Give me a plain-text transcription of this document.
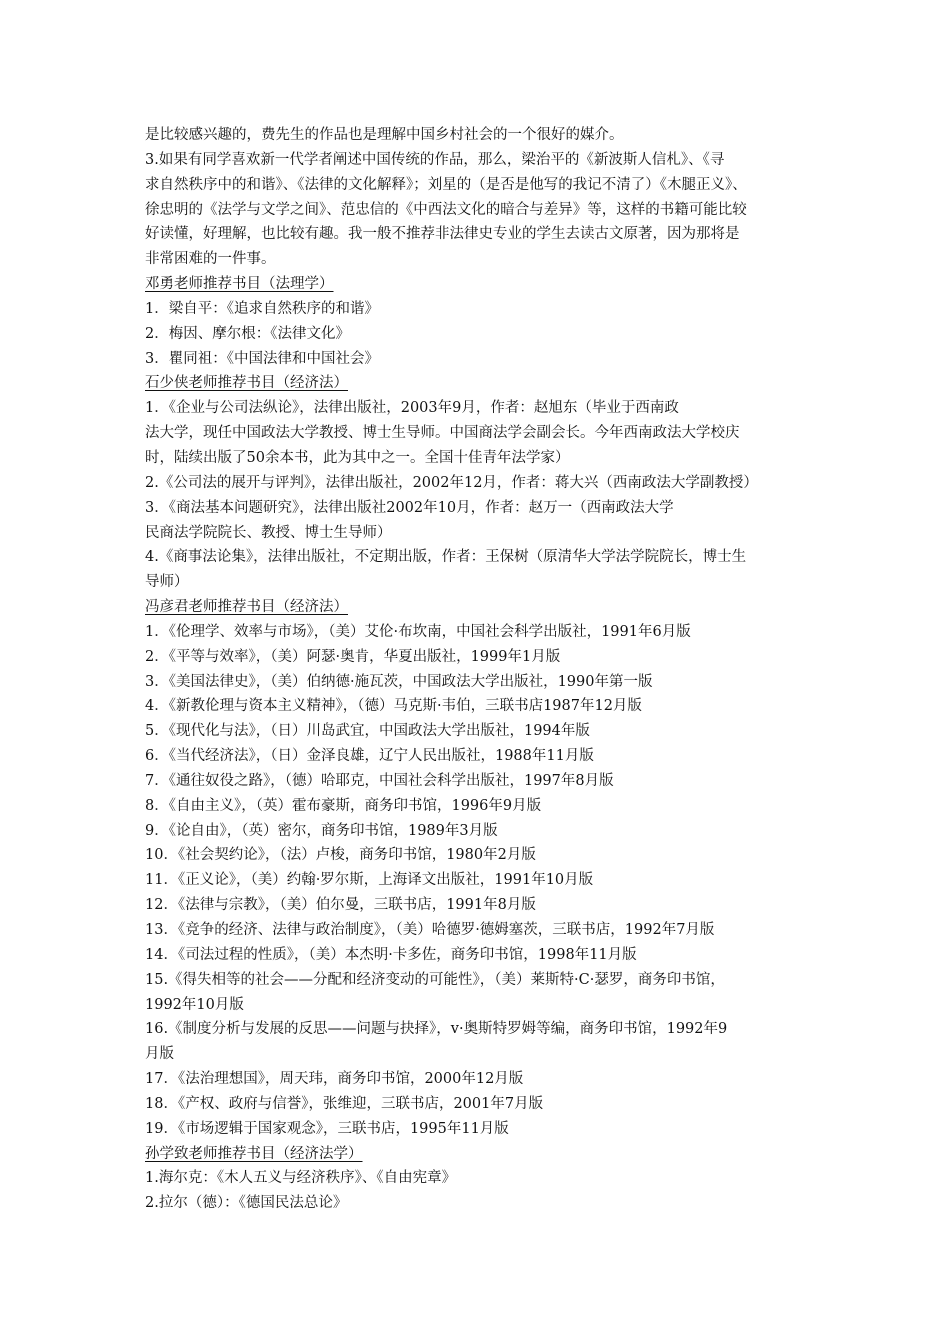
是比较感兴趣的，费先生的作品也是理解中国乡村社会的一个很好的媒介。
3.如果有同学喜欢新一代学者阐述中国传统的作品，那么，梁治平的《新波斯人信札》、《寻
求自然秩序中的和谐》、《法律的文化解释》；刘星的（是否是他写的我记不清了）《木腿正义》、
徐忠明的《法学与文学之间》、范忠信的《中西法文化的暗合与差异》等，这样的书籍可能比较
好读懂，好理解，也比较有趣。我一般不推荐非法律史专业的学生去读古文原著，因为那将是
非常困难的一件事。
邓勇老师推荐书目（法理学）
1．梁自平：《追求自然秩序的和谐》
2．梅因、摩尔根：《法律文化》
3．瞿同祖：《中国法律和中国社会》
石少侠老师推荐书目（经济法）
1．《企业与公司法纵论》，法律出版社，2003年9月，作者：赵旭东（毕业于西南政
法大学，现任中国政法大学教授、博士生导师。中国商法学会副会长。今年西南政法大学校庆
时，陆续出版了50余本书，此为其中之一。全国十佳青年法学家）
2.《公司法的展开与评判》，法律出版社，2002年12月，作者：蒋大兴（西南政法大学副教授）
3．《商法基本问题研究》，法律出版社2002年10月，作者：赵万一（西南政法大学
民商法学院院长、教授、博士生导师）
4.《商事法论集》，法律出版社，不定期出版，作者：王保树（原清华大学法学院院长，博士生
导师）
冯彦君老师推荐书目（经济法）
1．《伦理学、效率与市场》，（美）艾伦·布坎南，中国社会科学出版社，1991年6月版
2．《平等与效率》，（美）阿瑟·奥肯，华夏出版社，1999年1月版
3．《美国法律史》，（美）伯纳德·施瓦茨，中国政法大学出版社，1990年第一版
4．《新教伦理与资本主义精神》，（德）马克斯·韦伯，三联书店1987年12月版
5．《现代化与法》，（日）川岛武宜，中国政法大学出版社，1994年版
6．《当代经济法》，（日）金泽良雄，辽宁人民出版社，1988年11月版
7．《通往奴役之路》，（德）哈耶克，中国社会科学出版社，1997年8月版
8．《自由主义》，（英）霍布豪斯，商务印书馆，1996年9月版
9．《论自由》，（英）密尔，商务印书馆，1989年3月版
10．《社会契约论》，（法）卢梭，商务印书馆，1980年2月版
11．《正义论》，（美）约翰·罗尔斯，上海译文出版社，1991年10月版
12．《法律与宗教》，（美）伯尔曼，三联书店，1991年8月版
13．《竞争的经济、法律与政治制度》，（美）哈德罗·德姆塞茨，三联书店，1992年7月版
14．《司法过程的性质》，（美）本杰明·卡多佐，商务印书馆，1998年11月版
15.《得失相等的社会——分配和经济变动的可能性》，（美）莱斯特·C·瑟罗，商务印书馆，
1992年10月版
16.《制度分析与发展的反思——问题与抉择》，v·奥斯特罗姆等编，商务印书馆，1992年9
月版
17．《法治理想国》，周天玮，商务印书馆，2000年12月版
18．《产权、政府与信誉》，张维迎，三联书店，2001年7月版
19．《市场逻辑于国家观念》，三联书店，1995年11月版
孙学致老师推荐书目（经济法学）
1.海尔克：《木人五义与经济秩序》、《自由宪章》
2.拉尔（德）：《德国民法总论》
